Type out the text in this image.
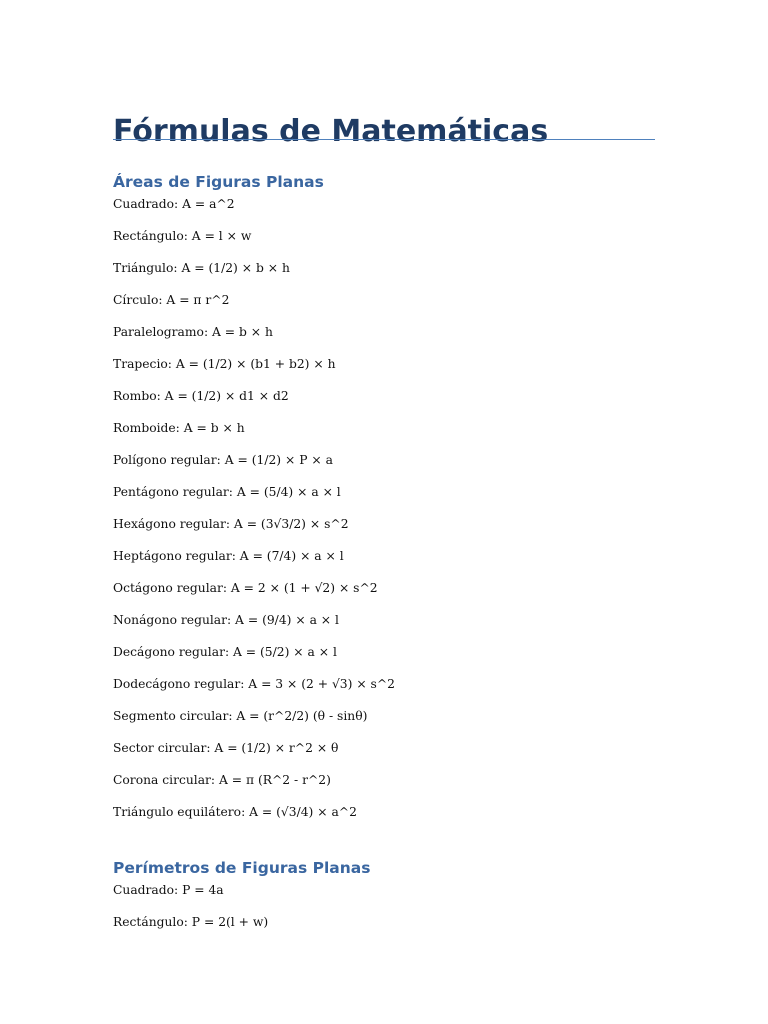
Fórmulas de Matemáticas
Áreas de Figuras Planas
Cuadrado: A = a^2
Rectángulo: A = l × w
Triángulo: A = (1/2) × b × h
Círculo: A = π r^2
Paralelogramo: A = b × h
Trapecio: A = (1/2) × (b1 + b2) × h
Rombo: A = (1/2) × d1 × d2
Romboide: A = b × h
Polígono regular: A = (1/2) × P × a
Pentágono regular: A = (5/4) × a × l
Hexágono regular: A = (3√3/2) × s^2
Heptágono regular: A = (7/4) × a × l
Octágono regular: A = 2 × (1 + √2) × s^2
Nonágono regular: A = (9/4) × a × l
Decágono regular: A = (5/2) × a × l
Dodecágono regular: A = 3 × (2 + √3) × s^2
Segmento circular: A = (r^2/2) (θ - sinθ)
Sector circular: A = (1/2) × r^2 × θ
Corona circular: A = π (R^2 - r^2)
Triángulo equilátero: A = (√3/4) × a^2
Perímetros de Figuras Planas
Cuadrado: P = 4a
Rectángulo: P = 2(l + w)
